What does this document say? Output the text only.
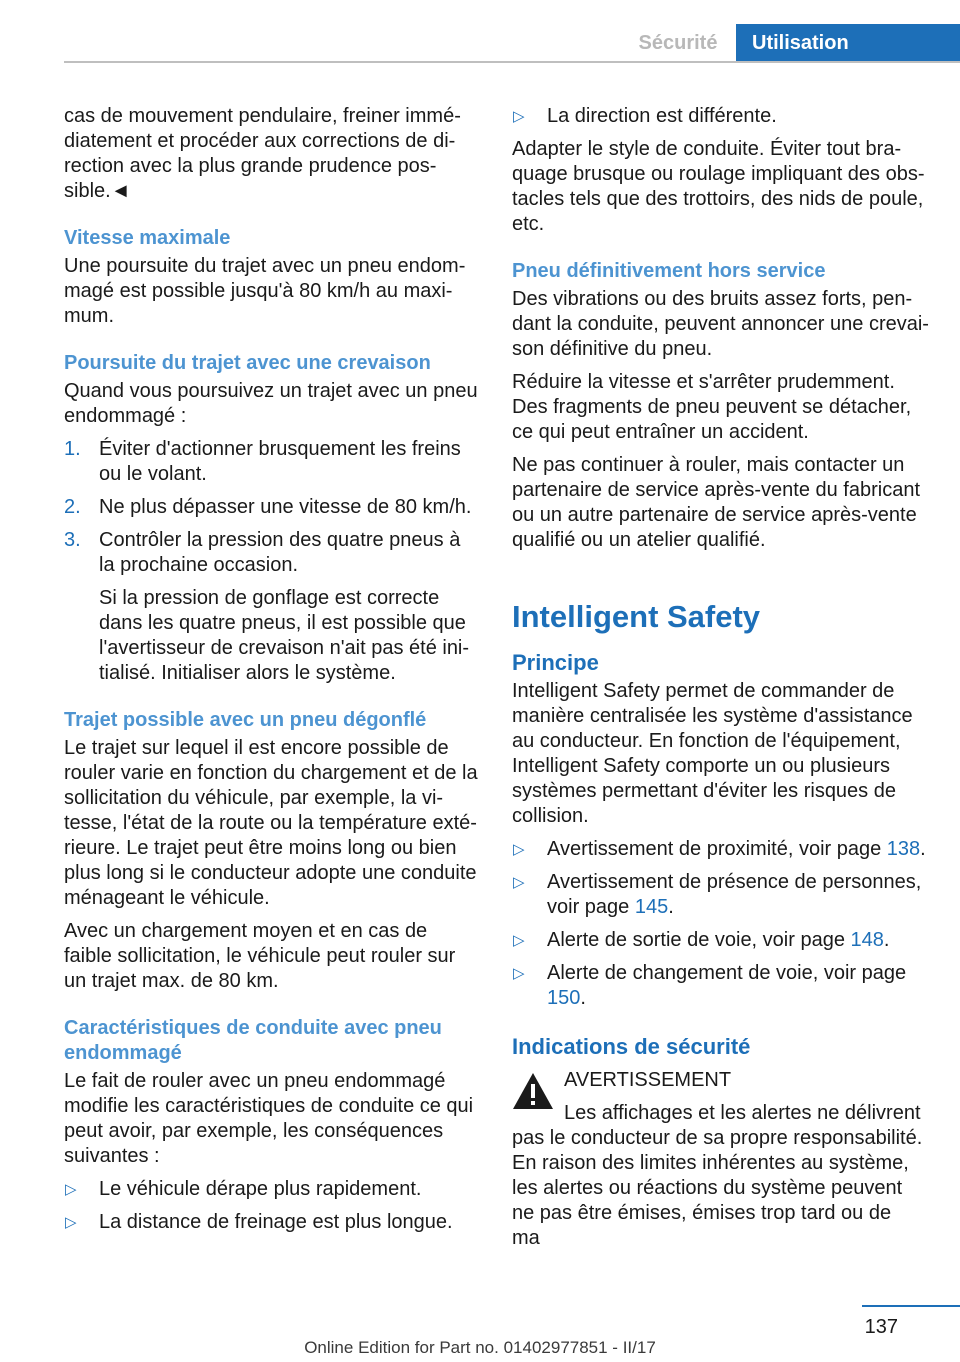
Sécurité	Utilisation

cas de mouvement pendulaire, freiner immédiatement et procéder aux corrections de direction avec la plus grande prudence possible.◄

Vitesse maximale

Une poursuite du trajet avec un pneu endommagé est possible jusqu'à 80 km/h au maximum.

Poursuite du trajet avec une crevaison

Quand vous poursuivez un trajet avec un pneu endommagé :

1. Éviter d'actionner brusquement les freins ou le volant.
2. Ne plus dépasser une vitesse de 80 km/h.
3. Contrôler la pression des quatre pneus à la prochaine occasion.
Si la pression de gonflage est correcte dans les quatre pneus, il est possible que l'avertisseur de crevaison n'ait pas été initialisé. Initialiser alors le système.
Trajet possible avec un pneu dégonflé

Le trajet sur lequel il est encore possible de rouler varie en fonction du chargement et de la sollicitation du véhicule, par exemple, la vitesse, l'état de la route ou la température extérieure. Le trajet peut être moins long ou bien plus long si le conducteur adopte une conduite ménageant le véhicule.

Avec un chargement moyen et en cas de faible sollicitation, le véhicule peut rouler sur un trajet max. de 80 km.

Caractéristiques de conduite avec pneu endommagé

Le fait de rouler avec un pneu endommagé modifie les caractéristiques de conduite ce qui peut avoir, par exemple, les conséquences suivantes :

▷ Le véhicule dérape plus rapidement.
▷ La distance de freinage est plus longue.
▷ La direction est différente.

Adapter le style de conduite. Éviter tout braquage brusque ou roulage impliquant des obstacles tels que des trottoirs, des nids de poule, etc.

Pneu définitivement hors service

Des vibrations ou des bruits assez forts, pendant la conduite, peuvent annoncer une crevaison définitive du pneu.

Réduire la vitesse et s'arrêter prudemment. Des fragments de pneu peuvent se détacher, ce qui peut entraîner un accident.

Ne pas continuer à rouler, mais contacter un partenaire de service après-vente du fabricant ou un autre partenaire de service après-vente qualifié ou un atelier qualifié.

Intelligent Safety
Principe

Intelligent Safety permet de commander de manière centralisée les système d'assistance au conducteur. En fonction de l'équipement, Intelligent Safety comporte un ou plusieurs systèmes permettant d'éviter les risques de collision.

▷ Avertissement de proximité, voir page 138.
▷ Avertissement de présence de personnes, voir page 145.
▷ Alerte de sortie de voie, voir page 148.
▷ Alerte de changement de voie, voir page 150.
Indications de sécurité

AVERTISSEMENT

Les affichages et les alertes ne délivrent
pas le conducteur de sa propre responsabilité. En raison des limites inhérentes au système, les alertes ou réactions du système peuvent ne pas être émises, émises trop tard ou de ma

137
Online Edition for Part no. 01402977851 - II/17
